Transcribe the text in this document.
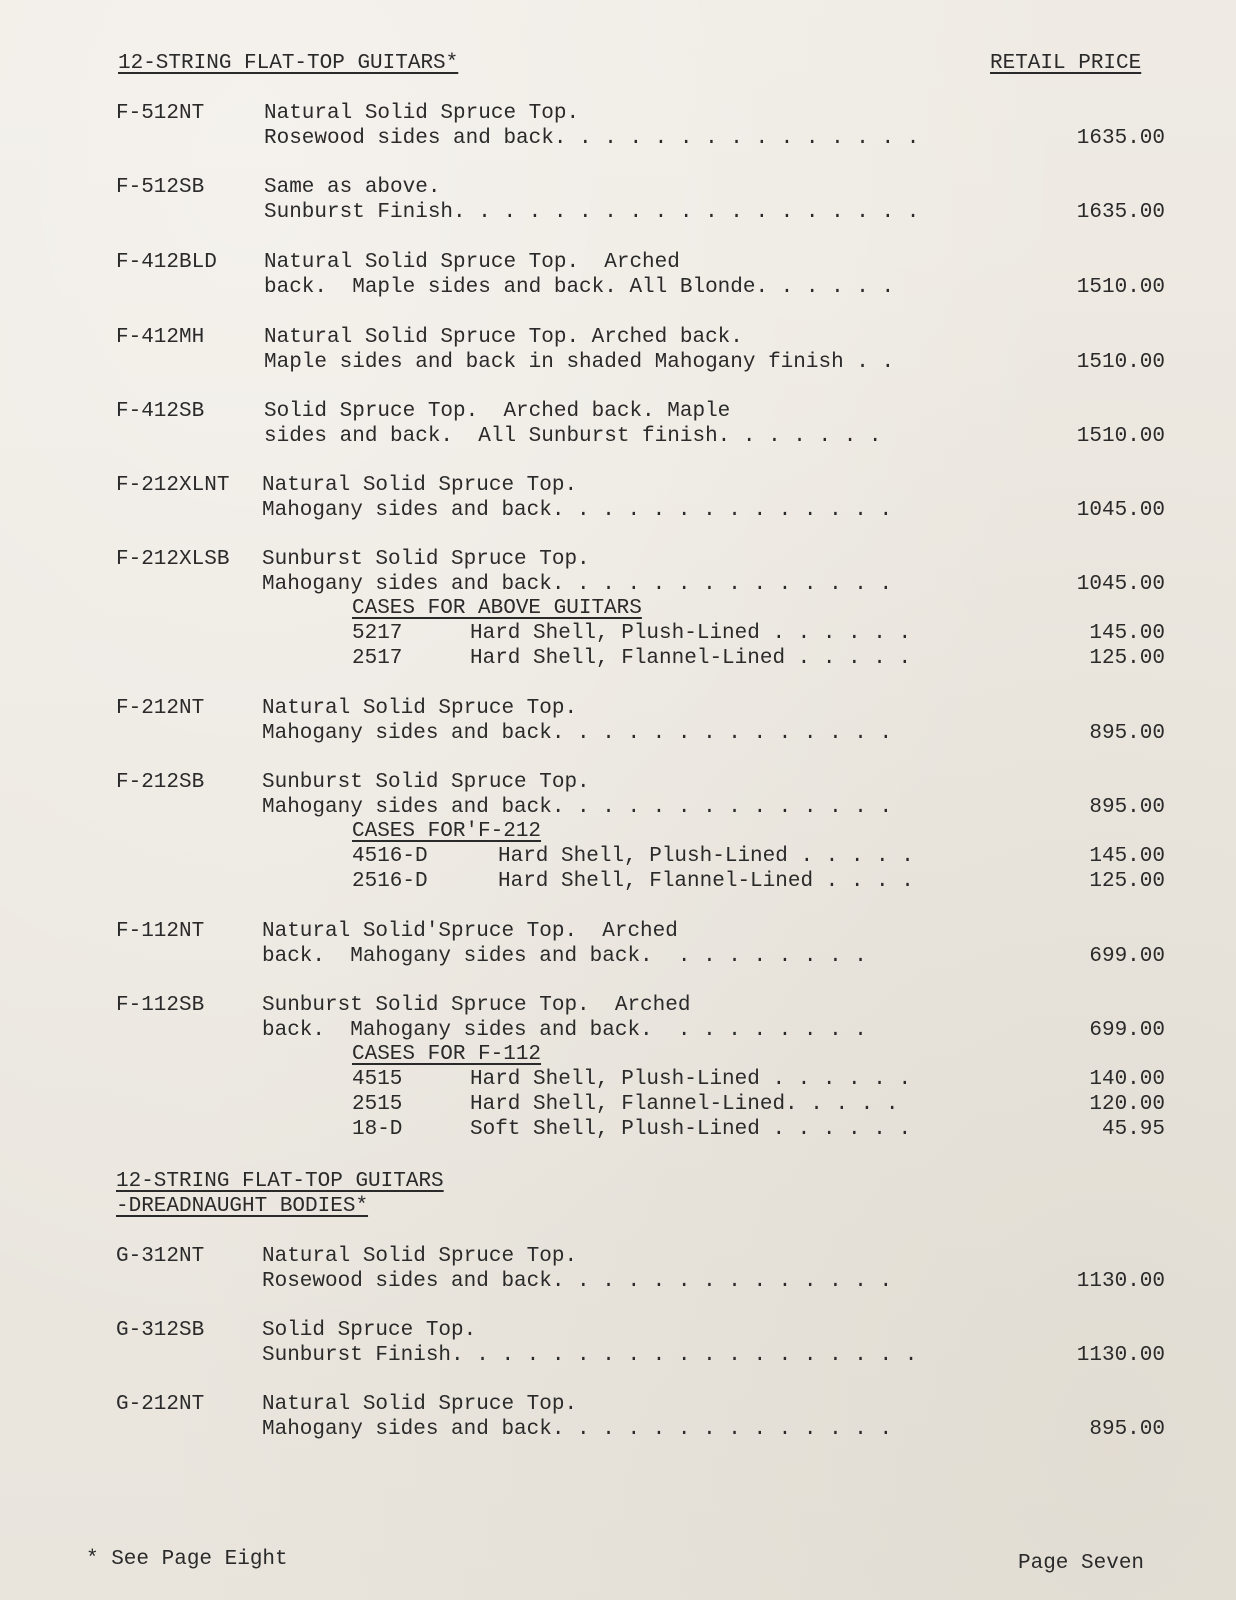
12-STRING FLAT-TOP GUITARS*	RETAIL PRICE
F-512NT	Natural Solid Spruce Top.
Rosewood sides and back. . . . . . . . . . . . . . .	1635.00
F-512SB	Same as above.
Sunburst Finish. . . . . . . . . . . . . . . . . . .	1635.00
F-412BLD Natural Solid Spruce Top.  Arched
back.  Maple sides and back. All Blonde. . . . . .	1510.00
F-412MH	Natural Solid Spruce Top. Arched back.
Maple sides and back in shaded Mahogany finish . .	1510.00
F-412SB	Solid Spruce Top.  Arched back. Maple
sides and back.  All Sunburst finish. . . . . . .	1510.00
F-212XLNT Natural Solid Spruce Top.
Mahogany sides and back. . . . . . . . . . . . . .	1045.00
F-212XLSB Sunburst Solid Spruce Top.
Mahogany sides and back. . . . . . . . . . . . . .	1045.00
CASES FOR ABOVE GUITARS
5217	Hard Shell, Plush-Lined . . . . . .	145.00
2517	Hard Shell, Flannel-Lined . . . . .	125.00
F-212NT	Natural Solid Spruce Top.
Mahogany sides and back. . . . . . . . . . . . . .	895.00
F-212SB	Sunburst Solid Spruce Top.
Mahogany sides and back. . . . . . . . . . . . . .	895.00
CASES FOR'F-212
4516-D	Hard Shell, Plush-Lined . . . . .	145.00
2516-D	Hard Shell, Flannel-Lined . . . .	125.00
F-112NT	Natural Solid'Spruce Top.  Arched
back.  Mahogany sides and back.  . . . . . . . .	699.00
F-112SB	Sunburst Solid Spruce Top.  Arched
back.  Mahogany sides and back.  . . . . . . . .	699.00
CASES FOR F-112
4515	Hard Shell, Plush-Lined . . . . . .	140.00
2515	Hard Shell, Flannel-Lined. . . . .	120.00
18-D	Soft Shell, Plush-Lined . . . . . .	45.95
12-STRING FLAT-TOP GUITARS
-DREADNAUGHT BODIES*
G-312NT	Natural Solid Spruce Top.
Rosewood sides and back. . . . . . . . . . . . . .	1130.00
G-312SB	Solid Spruce Top.
Sunburst Finish. . . . . . . . . . . . . . . . . . .	1130.00
G-212NT	Natural Solid Spruce Top.
Mahogany sides and back. . . . . . . . . . . . . .	895.00
* See Page Eight	Page Seven
